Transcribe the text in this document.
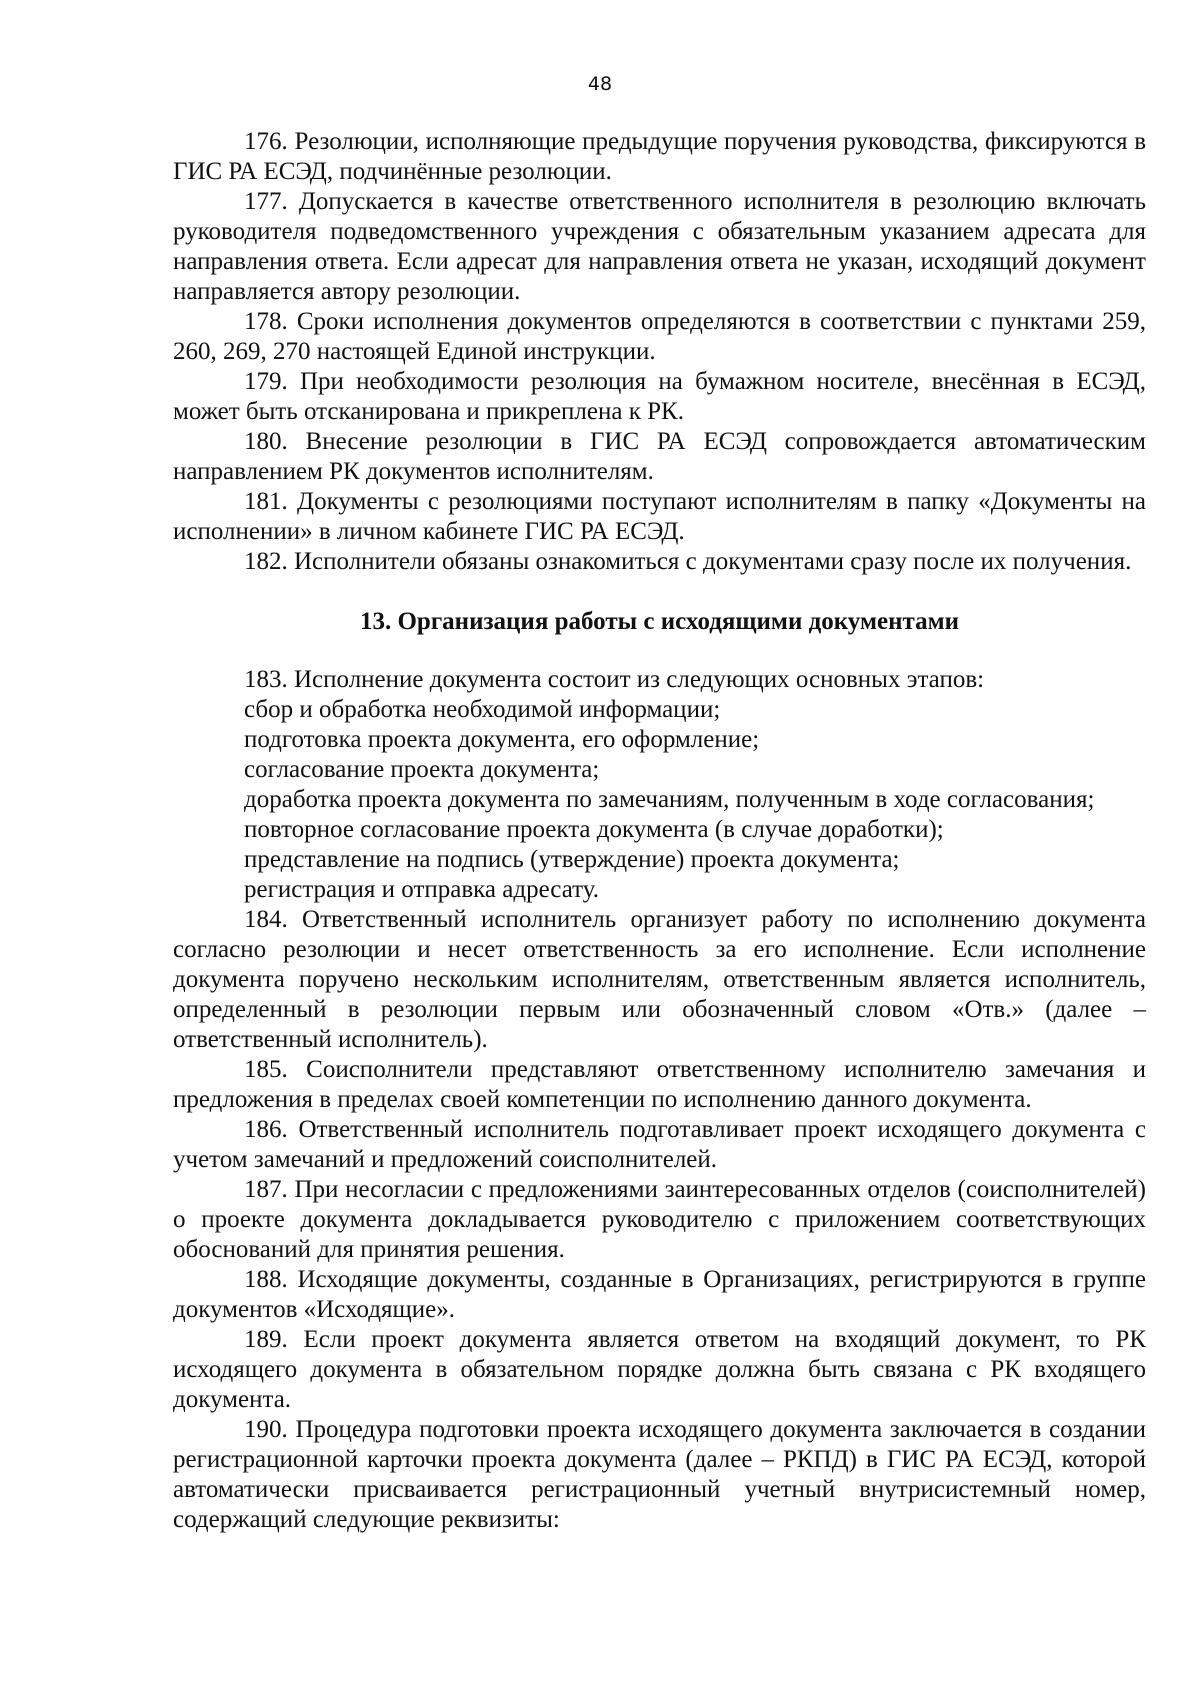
48

176. Резолюции, исполняющие предыдущие поручения руководства, фиксируются в ГИС РА ЕСЭД, подчинённые резолюции.

177. Допускается в качестве ответственного исполнителя в резолюцию включать руководителя подведомственного учреждения с обязательным указанием адресата для направления ответа. Если адресат для направления ответа не указан, исходящий документ направляется автору резолюции.

178. Сроки исполнения документов определяются в соответствии с пунктами 259, 260, 269, 270 настоящей Единой инструкции.

179. При необходимости резолюция на бумажном носителе, внесённая в ЕСЭД, может быть отсканирована и прикреплена к РК.

180. Внесение резолюции в ГИС РА ЕСЭД сопровождается автоматическим направлением РК документов исполнителям.

181. Документы с резолюциями поступают исполнителям в папку «Документы на исполнении» в личном кабинете ГИС РА ЕСЭД.

182. Исполнители обязаны ознакомиться с документами сразу после их получения.

13. Организация работы с исходящими документами

183. Исполнение документа состоит из следующих основных этапов:

сбор и обработка необходимой информации;

подготовка проекта документа, его оформление;

согласование проекта документа;

доработка проекта документа по замечаниям, полученным в ходе согласования;

повторное согласование проекта документа (в случае доработки);

представление на подпись (утверждение) проекта документа;

регистрация и отправка адресату.

184. Ответственный исполнитель организует работу по исполнению документа согласно резолюции и несет ответственность за его исполнение. Если исполнение документа поручено нескольким исполнителям, ответственным является исполнитель, определенный в резолюции первым или обозначенный словом «Отв.» (далее – ответственный исполнитель).

185. Соисполнители представляют ответственному исполнителю замечания и предложения в пределах своей компетенции по исполнению данного документа.

186. Ответственный исполнитель подготавливает проект исходящего документа с учетом замечаний и предложений соисполнителей.

187. При несогласии с предложениями заинтересованных отделов (соисполнителей) о проекте документа докладывается руководителю с приложением соответствующих обоснований для принятия решения.

188. Исходящие документы, созданные в Организациях, регистрируются в группе документов «Исходящие».

189. Если проект документа является ответом на входящий документ, то РК исходящего документа в обязательном порядке должна быть связана с РК входящего документа.

190. Процедура подготовки проекта исходящего документа заключается в создании регистрационной карточки проекта документа (далее – РКПД) в ГИС РА ЕСЭД, которой автоматически присваивается регистрационный учетный внутрисистемный номер, содержащий следующие реквизиты:
